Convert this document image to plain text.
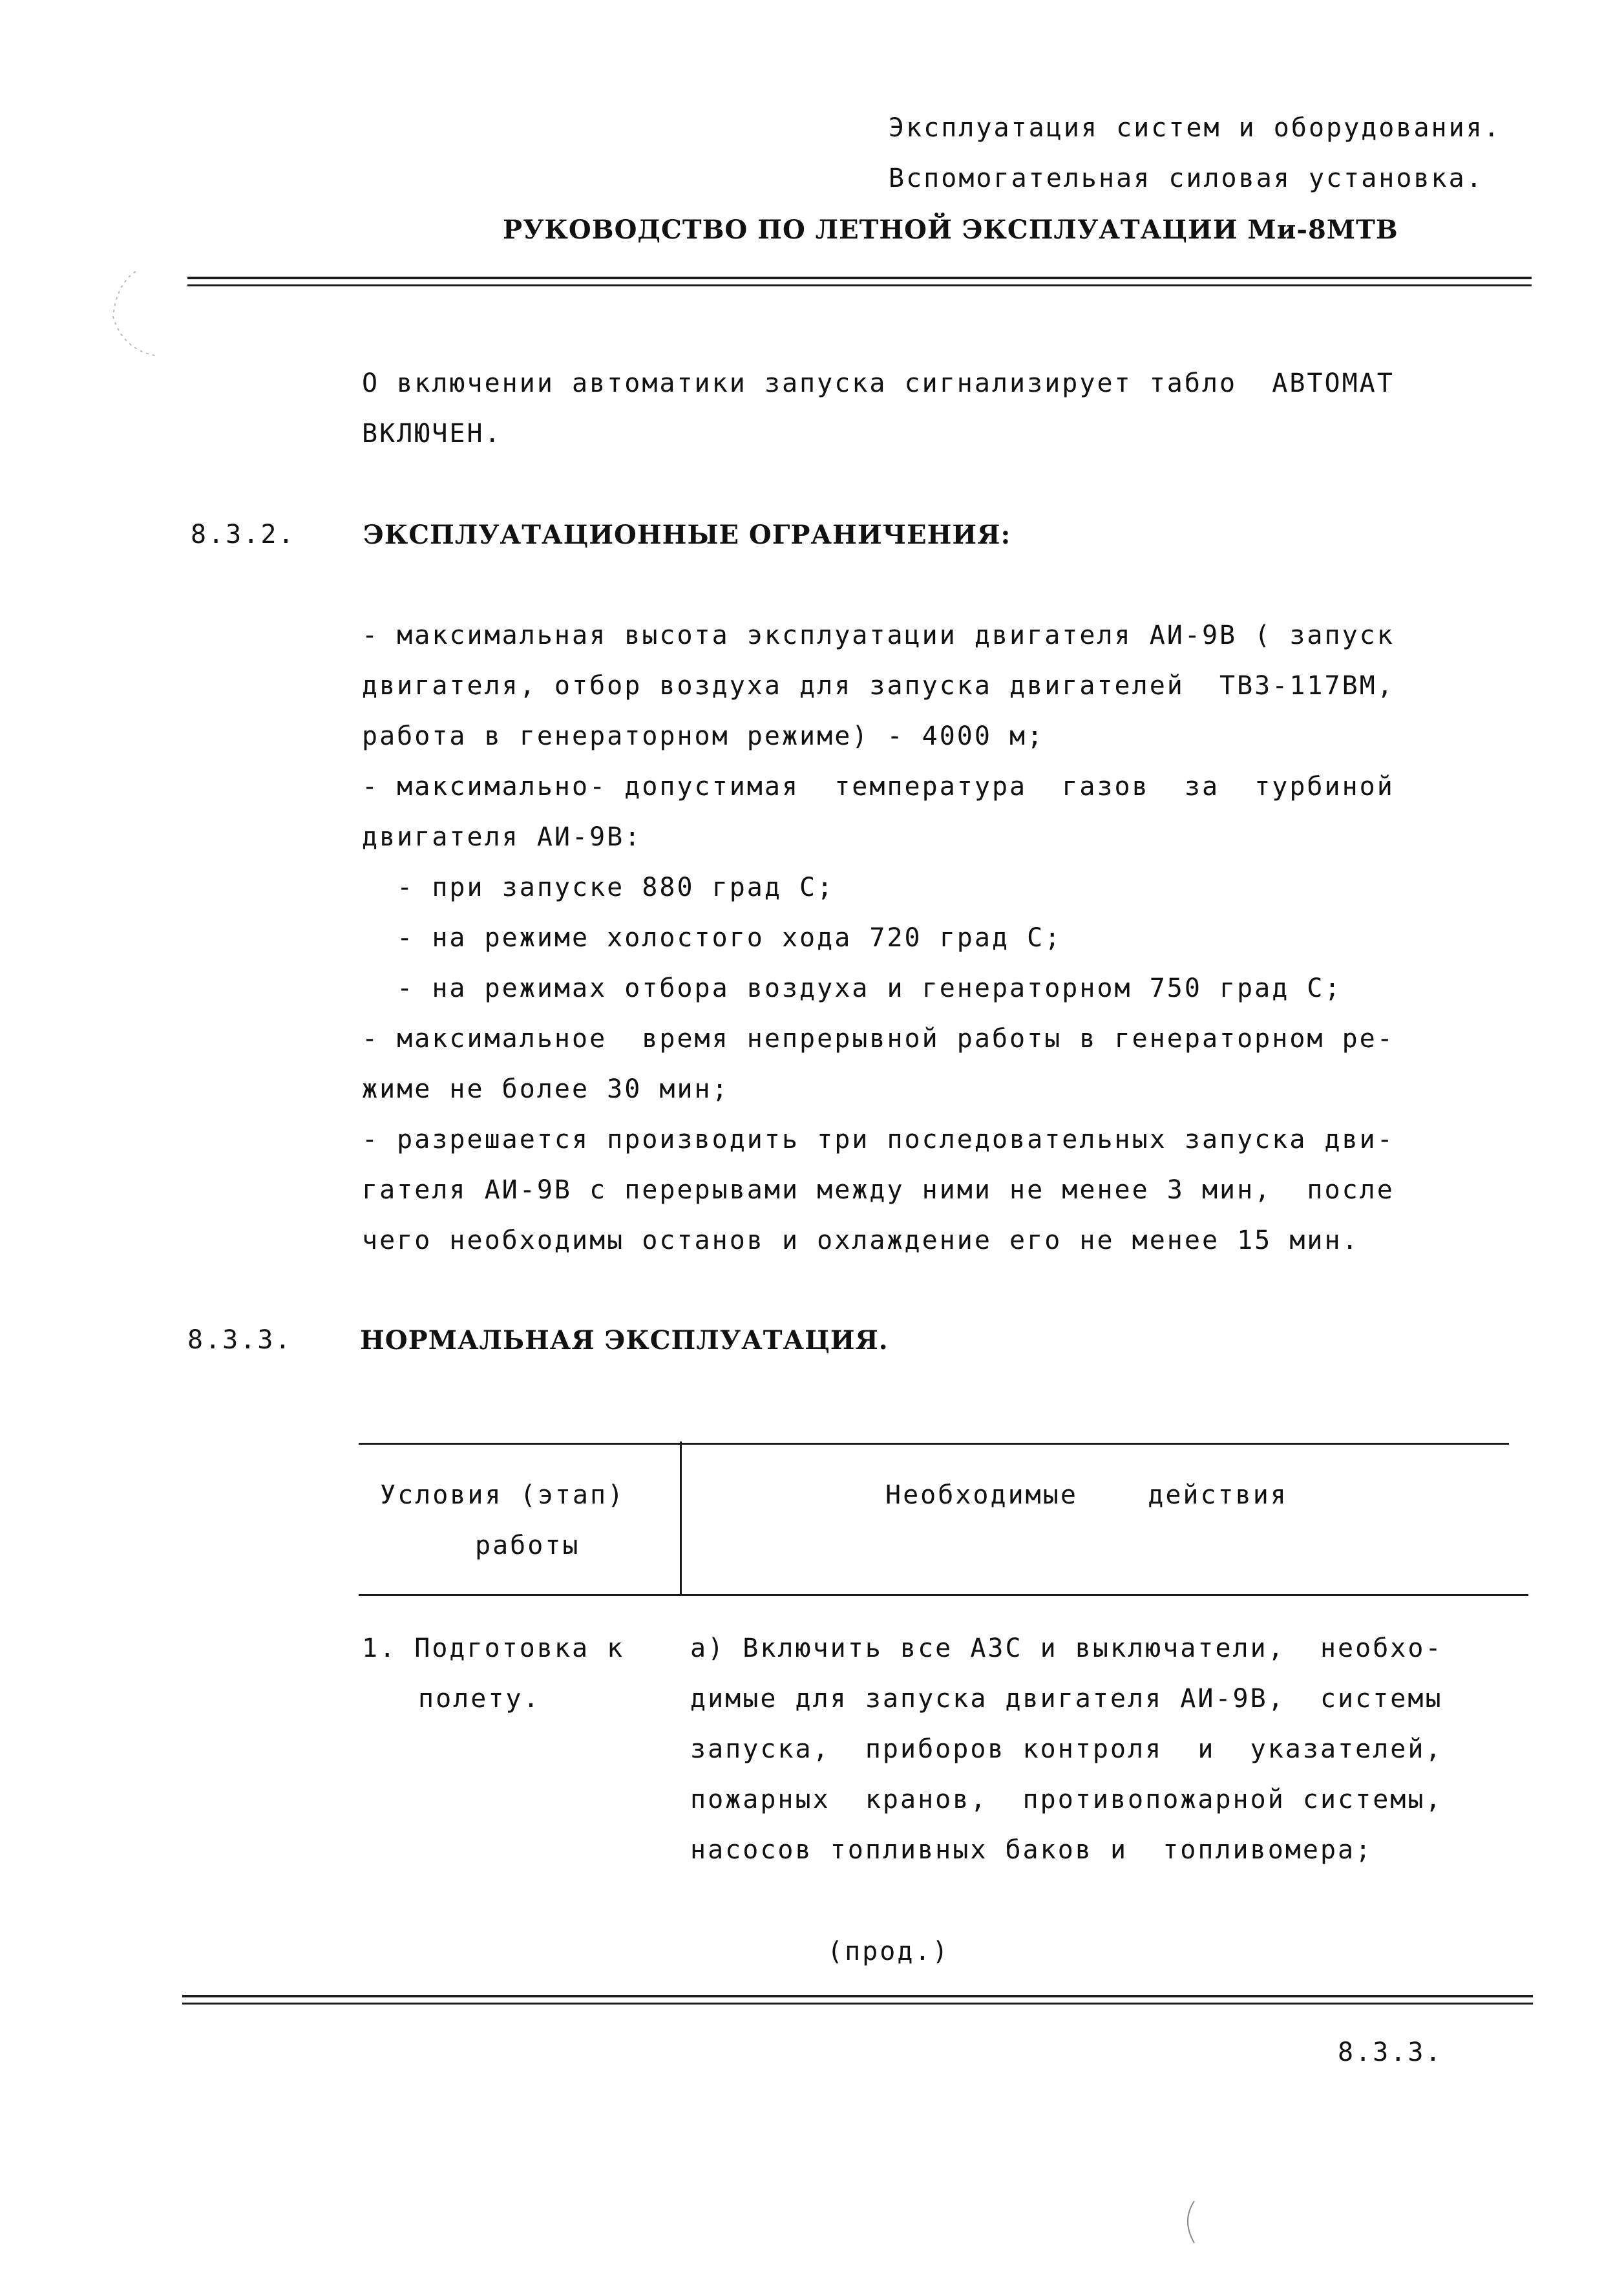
Эксплуатация систем и оборудования.
Вспомогательная силовая установка.
РУКОВОДСТВО ПО ЛЕТНОЙ ЭКСПЛУАТАЦИИ Ми-8МТВ
О включении автоматики запуска сигнализирует табло  АВТОМАТ
ВКЛЮЧЕН.
8.3.2.	ЭКСПЛУАТАЦИОННЫЕ ОГРАНИЧЕНИЯ:
- максимальная высота эксплуатации двигателя АИ-9В ( запуск
двигателя, отбор воздуха для запуска двигателей  ТВ3-117ВМ,
работа в генераторном режиме) - 4000 м;
- максимально- допустимая  температура  газов  за  турбиной
двигателя АИ-9В:
- при запуске 880 град С;
- на режиме холостого хода 720 град С;
- на режимах отбора воздуха и генераторном 750 град С;
- максимальное  время непрерывной работы в генераторном ре-
жиме не более 30 мин;
- разрешается производить три последовательных запуска дви-
гателя АИ-9В с перерывами между ними не менее 3 мин,  после
чего необходимы останов и охлаждение его не менее 15 мин.
8.3.3.	НОРМАЛЬНАЯ ЭКСПЛУАТАЦИЯ.
Условия (этап)
работы
Необходимые    действия
1. Подготовка к
полету.
а) Включить все АЗС и выключатели,  необхо-
димые для запуска двигателя АИ-9В,  системы
запуска,  приборов контроля  и  указателей,
пожарных  кранов,  противопожарной системы,
насосов топливных баков и  топливомера;
(прод.)
8.3.3.
